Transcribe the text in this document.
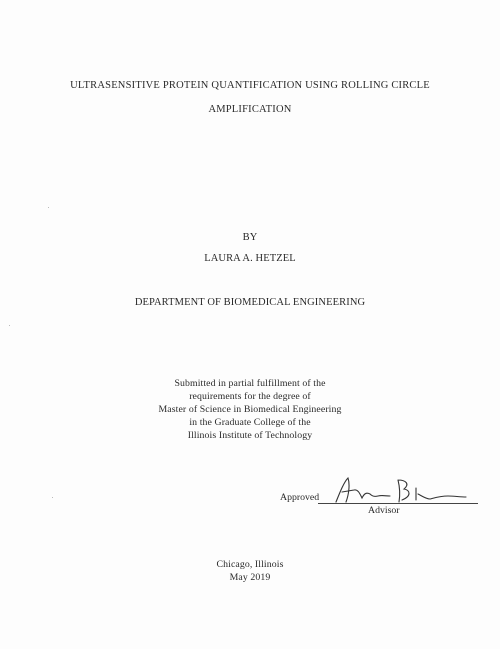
ULTRASENSITIVE PROTEIN QUANTIFICATION USING ROLLING CIRCLE
AMPLIFICATION
BY
LAURA A. HETZEL
DEPARTMENT OF BIOMEDICAL ENGINEERING
Submitted in partial fulfillment of the
requirements for the degree of
Master of Science in Biomedical Engineering
in the Graduate College of the
Illinois Institute of Technology
Approved
Advisor
Chicago, Illinois
May 2019
